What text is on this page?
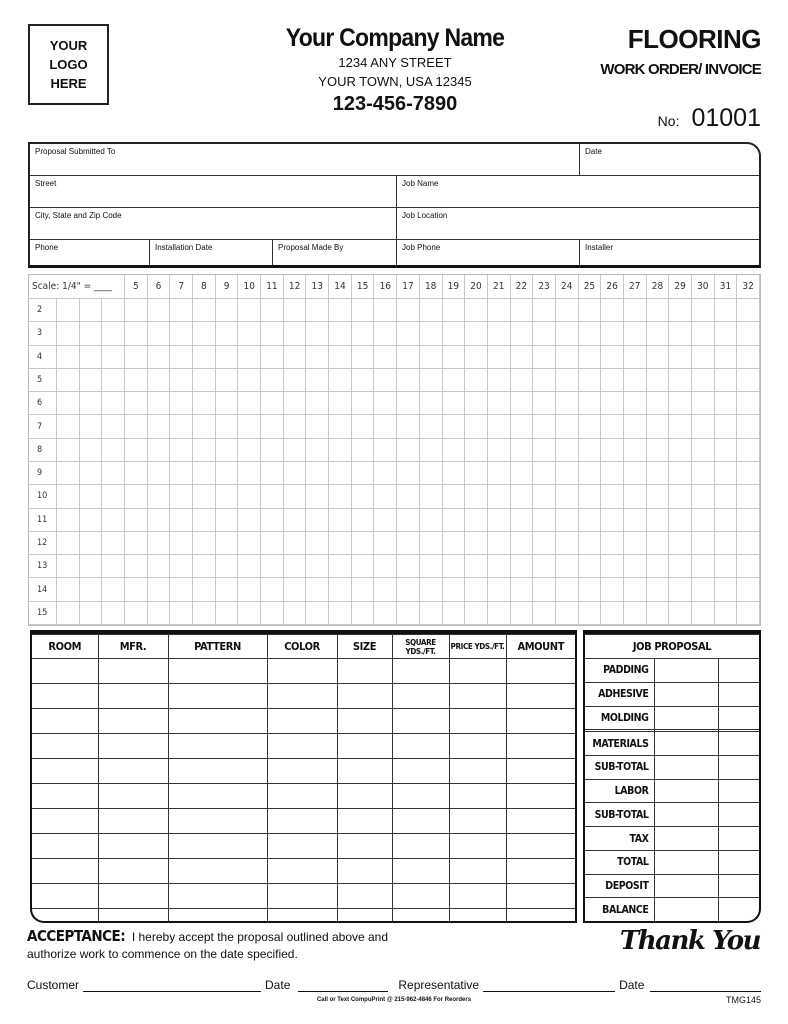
YOUR
LOGO
HERE
Your Company Name
1234 ANY STREET
YOUR TOWN, USA 12345
123-456-7890
FLOORING
WORK ORDER/ INVOICE
No: 01001
Proposal Submitted To	Date
Street	Job Name
City, State and Zip Code	Job Location
Phone	Installation Date	Proposal Made By	Job Phone	Installer
Scale: 1/4" = ____	5	6	7	8	9	10	11	12	13	14	15	16	17	18	19	20	21	22	23	24	25	26	27	28	29	30	31	32
2
3
4
5
6
7
8
9
10
11
12
13
14
15
ROOM	MFR.	PATTERN	COLOR	SIZE	SQUARE YDS./FT.	PRICE YDS./FT.	AMOUNT

								JOB PROPOSAL		
PADDING		
ADHESIVE		
MOLDING		

MATERIALS		
SUB-TOTAL		
LABOR		
SUB-TOTAL		
TAX		
TOTAL		
DEPOSIT		
BALANCE		
ACCEPTANCE: I hereby accept the proposal outlined above and
authorize work to commence on the date specified.	Thank You
Customer	Date	Representative	Date
Call or Text CompuPrint @ 215-962-4846 For Reorders	TMG145
